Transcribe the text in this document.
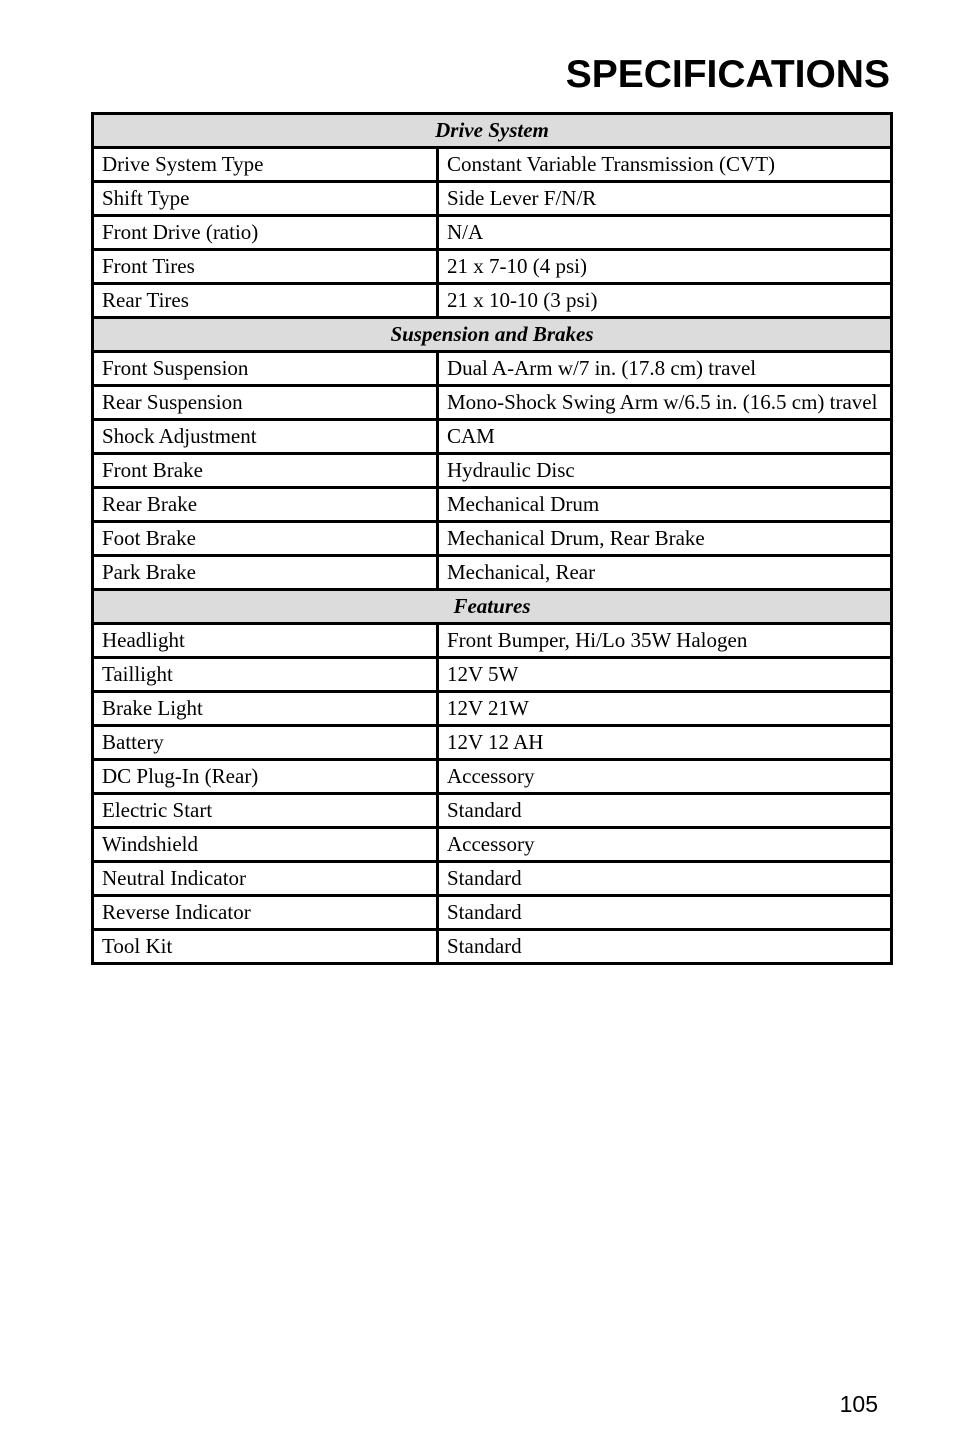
SPECIFICATIONS
Drive System	
Drive System Type	Constant Variable Transmission (CVT)
Shift Type	Side Lever F/N/R
Front Drive (ratio)	N/A
Front Tires	21 x 7-10 (4 psi)
Rear Tires	21 x 10-10 (3 psi)
Suspension and Brakes	
Front Suspension	Dual A-Arm w/7 in. (17.8 cm) travel
Rear Suspension	Mono-Shock Swing Arm w/6.5 in. (16.5 cm) travel
Shock Adjustment	CAM
Front Brake	Hydraulic Disc
Rear Brake	Mechanical Drum
Foot Brake	Mechanical Drum, Rear Brake
Park Brake	Mechanical, Rear
Features	
Headlight	Front Bumper, Hi/Lo 35W Halogen
Taillight	12V 5W
Brake Light	12V 21W
Battery	12V 12 AH
DC Plug-In (Rear)	Accessory
Electric Start	Standard
Windshield	Accessory
Neutral Indicator	Standard
Reverse Indicator	Standard
Tool Kit	Standard
105
